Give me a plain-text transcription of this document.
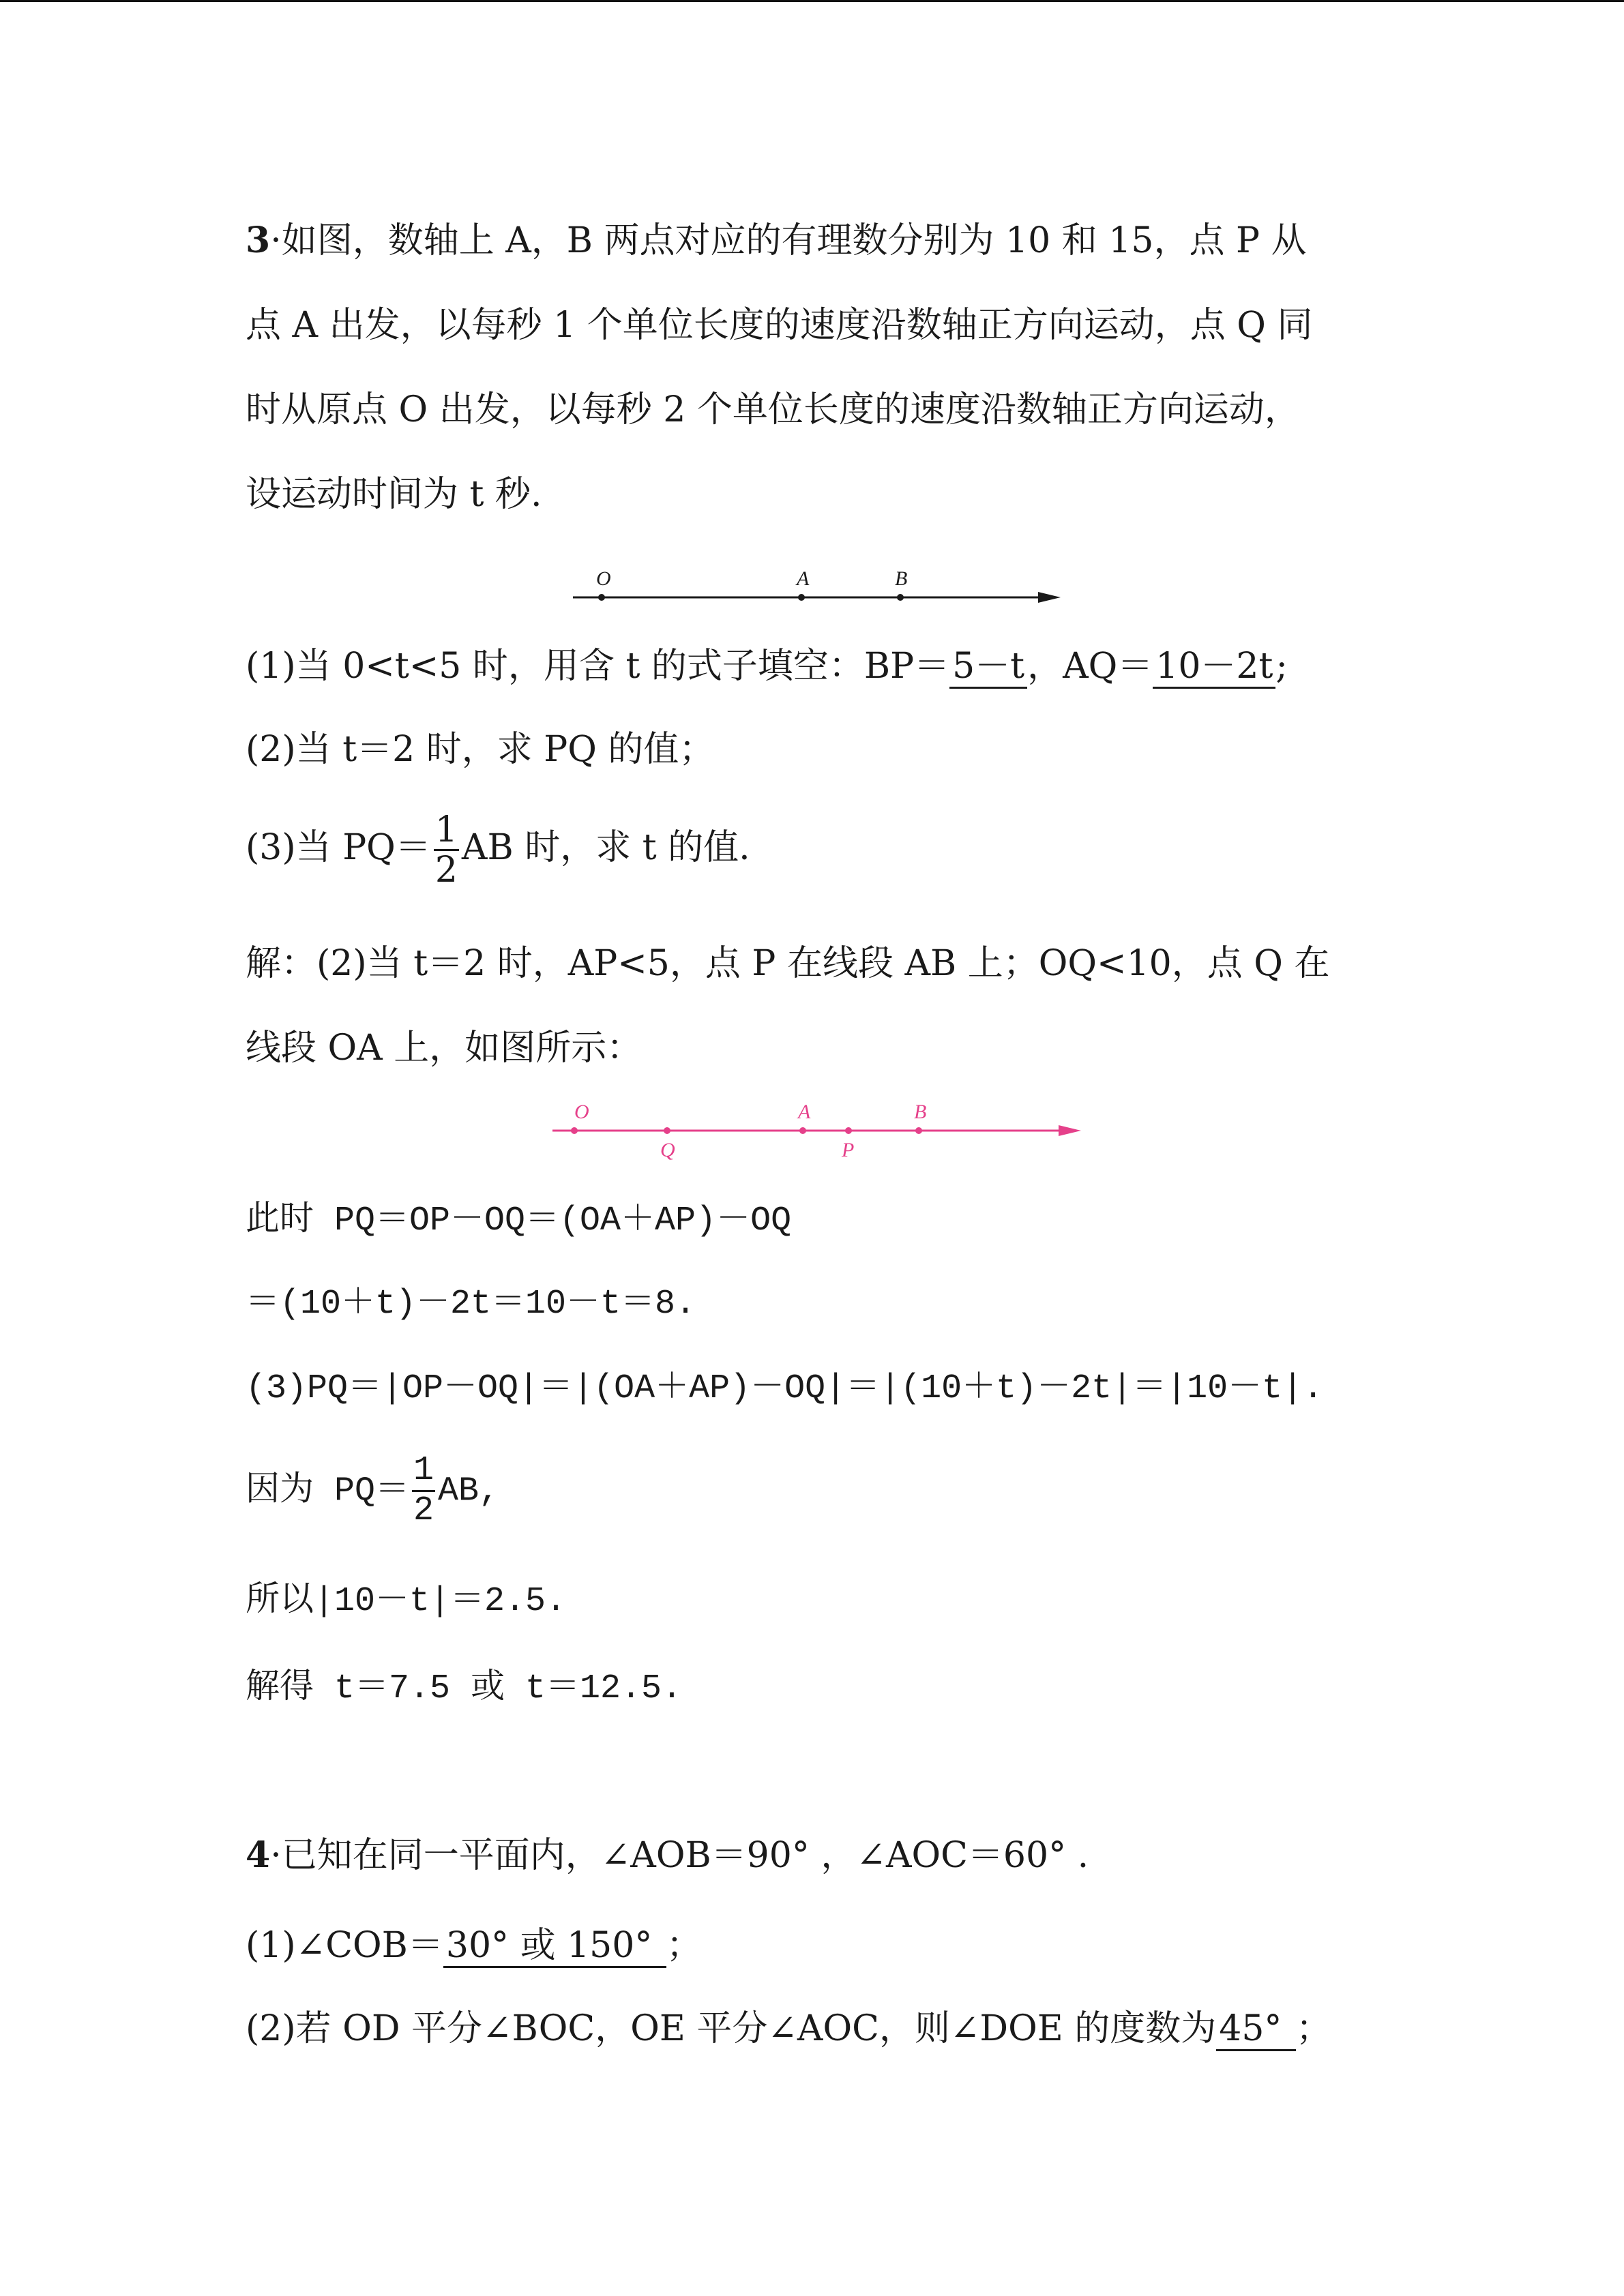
3·如图，数轴上 A，B 两点对应的有理数分别为 10 和 15，点 P 从
点 A 出发，以每秒 1 个单位长度的速度沿数轴正方向运动，点 Q 同
时从原点 O 出发，以每秒 2 个单位长度的速度沿数轴正方向运动，
设运动时间为 t 秒.
O	A	B
(1)当 0<t<5 时，用含 t 的式子填空：BP＝5－t，AQ＝10－2t;
(2)当 t＝2 时，求 PQ 的值；
(3)当 $PQ= \frac{1}{2}$ AB 时，求 t 的值.
解：(2)当 t＝2 时，AP<5，点 P 在线段 AB 上；OQ<10，点 Q 在
线段 OA 上，如图所示：
O	A	B
Q	P
此时 PQ＝OP－OQ＝(OA＋AP)－OQ
＝(10＋t)－2t＝10－t＝8.
(3)PQ＝|OP－OQ|＝|(OA＋AP)－OQ|＝|(10＋t)－2t|＝|10－t|.
因为 $PQ= \frac{1}{2}$ AB,
所以|10－t|＝2.5.
解得 t＝7.5 或 t＝12.5.
4·已知在同一平面内，∠AOB＝90° ，∠AOC＝60° .
(1)∠COB＝30° 或 150° ；
(2)若 OD 平分∠BOC，OE 平分∠AOC，则∠DOE 的度数为45° ；
